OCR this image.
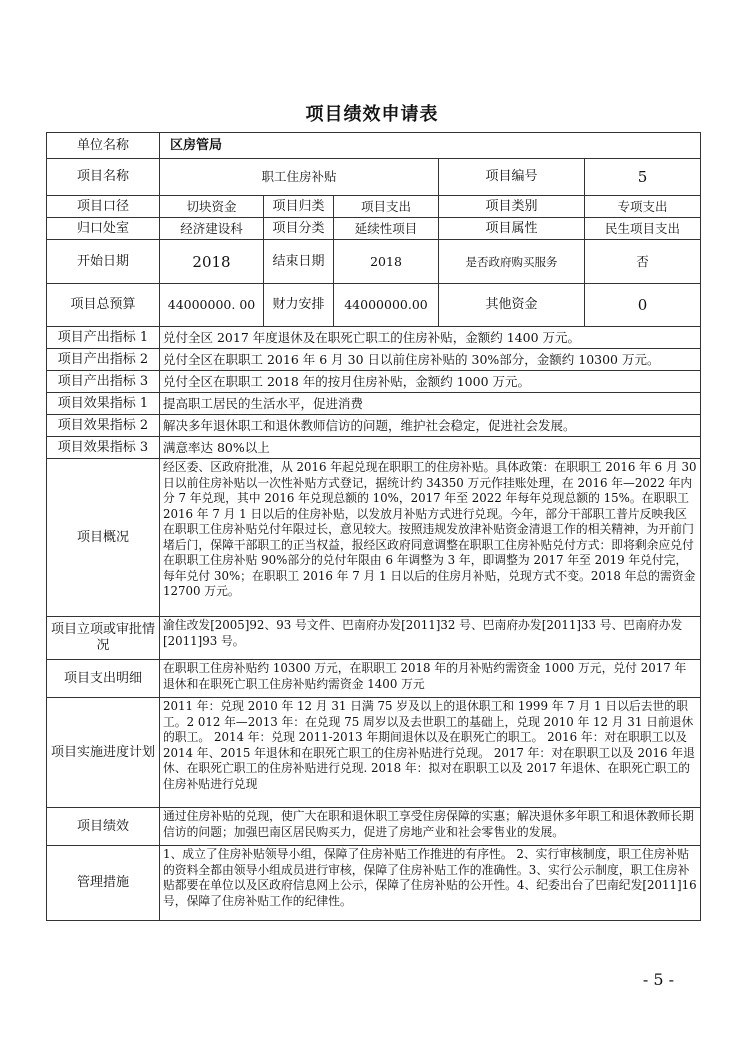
项目绩效申请表
单位名称	区房管局				
项目名称	职工住房补贴			项目编号	5
项目口径	切块资金	项目归类	项目支出	项目类别	专项支出
归口处室	经济建设科	项目分类	延续性项目	项目属性	民生项目支出
开始日期	2018	结束日期	2018	是否政府购买服务	否
项目总预算	44000000. 00	财力安排	44000000.00	其他资金	0
项目产出指标 1	兑付全区 2017 年度退休及在职死亡职工的住房补贴，金额约 1400 万元。				
项目产出指标 2	兑付全区在职职工 2016 年 6 月 30 日以前住房补贴的 30%部分，金额约 10300 万元。				
项目产出指标 3	兑付全区在职职工 2018 年的按月住房补贴，金额约 1000 万元。				
项目效果指标 1	提高职工居民的生活水平，促进消费				
项目效果指标 2	解决多年退休职工和退休教师信访的问题，维护社会稳定，促进社会发展。				
项目效果指标 3	满意率达 80%以上				
项目概况	经区委、区政府批准，从 2016 年起兑现在职职工的住房补贴。具体政策：在职职工 2016 年 6 月 30 日以前住房补贴以一次性补贴方式登记，据统计约 34350 万元作挂账处理，在 2016 年—2022 年内分 7 年兑现，其中 2016 年兑现总额的 10%，2017 年至 2022 年每年兑现总额的 15%。在职职工 2016 年 7 月 1 日以后的住房补贴，以发放月补贴方式进行兑现。今年，部分干部职工普片反映我区在职职工住房补贴兑付年限过长，意见较大。按照违规发放津补贴资金清退工作的相关精神，为开前门堵后门，保障干部职工的正当权益，报经区政府同意调整在职职工住房补贴兑付方式：即将剩余应兑付在职职工住房补贴 90%部分的兑付年限由 6 年调整为 3 年，即调整为 2017 年至 2019 年兑付完，每年兑付 30%；在职职工 2016 年 7 月 1 日以后的住房月补贴，兑现方式不变。2018 年总的需资金 12700 万元。				
项目立项或审批情况	渝住改发[2005]92、93 号文件、巴南府办发[2011]32 号、巴南府办发[2011]33 号、巴南府办发[2011]93 号。				
项目支出明细	在职职工住房补贴约 10300 万元，在职职工 2018 年的月补贴约需资金 1000 万元，兑付 2017 年退休和在职死亡职工住房补贴约需资金 1400 万元				
项目实施进度计划	2011 年：兑现 2010 年 12 月 31 日满 75 岁及以上的退休职工和 1999 年 7 月 1 日以后去世的职工。2 012 年—2013 年：在兑现 75 周岁以及去世职工的基础上，兑现 2010 年 12 月 31 日前退休的职工。 2014 年：兑现 2011-2013 年期间退休以及在职死亡的职工。 2016 年：对在职职工以及 2014 年、2015 年退休和在职死亡职工的住房补贴进行兑现。 2017 年：对在职职工以及 2016 年退休、在职死亡职工的住房补贴进行兑现. 2018 年：拟对在职职工以及 2017 年退休、在职死亡职工的住房补贴进行兑现				
项目绩效	通过住房补贴的兑现，使广大在职和退休职工享受住房保障的实惠；解决退休多年职工和退休教师长期信访的问题；加强巴南区居民购买力，促进了房地产业和社会零售业的发展。				
管理措施	1、成立了住房补贴领导小组，保障了住房补贴工作推进的有序性。 2、实行审核制度，职工住房补贴的资料全都由领导小组成员进行审核，保障了住房补贴工作的准确性。3、实行公示制度，职工住房补贴都要在单位以及区政府信息网上公示，保障了住房补贴的公开性。4、纪委出台了巴南纪发[2011]16 号，保障了住房补贴工作的纪律性。				
- 5 -
